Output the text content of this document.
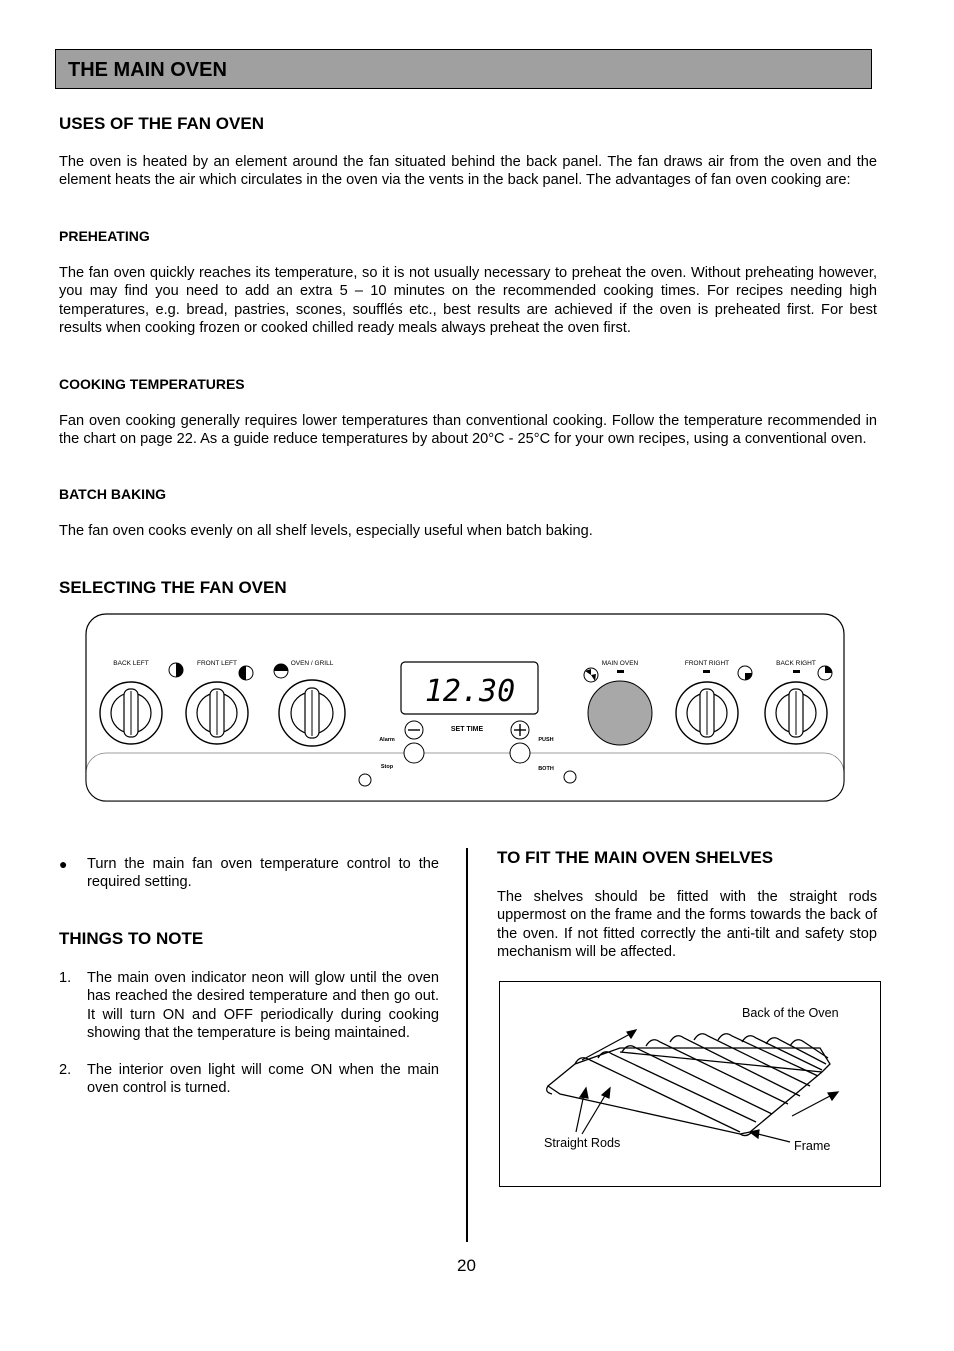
THE MAIN OVEN
USES OF THE FAN OVEN

The oven is heated by an element around the fan situated behind the back panel. The fan draws air from the oven and the element heats the air which circulates in the oven via the vents in the back panel. The advantages of fan oven cooking are:

PREHEATING

The fan oven quickly reaches its temperature, so it is not usually necessary to preheat the oven. Without preheating however, you may find you need to add an extra 5 – 10 minutes on the recommended cooking times. For recipes needing high temperatures, e.g. bread, pastries, scones, soufflés etc., best results are achieved if the oven is preheated first. For best results when cooking frozen or cooked chilled ready meals always preheat the oven first.

COOKING TEMPERATURES

Fan oven cooking generally requires lower temperatures than conventional cooking. Follow the temperature recommended in the chart on page 22. As a guide reduce temperatures by about 20°C - 25°C for your own recipes, using a conventional oven.

BATCH BAKING

The fan oven cooks evenly on all shelf levels, especially useful when batch baking.

SELECTING THE FAN OVEN
12.30
SET TIME
Alarm
Stop
PUSH
BOTH
BACK LEFT	FRONT LEFT	OVEN / GRILL	MAIN OVEN	FRONT RIGHT	BACK RIGHT
●	Turn the main fan oven temperature control to the required setting.

THINGS TO NOTE
1.	The main oven indicator neon will glow until the oven has reached the desired temperature and then go out. It will turn ON and OFF periodically during cooking showing that the temperature is being maintained.

2.	The interior oven light will come ON when the main oven control is turned.

TO FIT THE MAIN OVEN SHELVES

The shelves should be fitted with the straight rods uppermost on the frame and the forms towards the back of the oven. If not fitted correctly the anti-tilt and safety stop mechanism will be affected.

Back of the Oven
Straight Rods	Frame
20
